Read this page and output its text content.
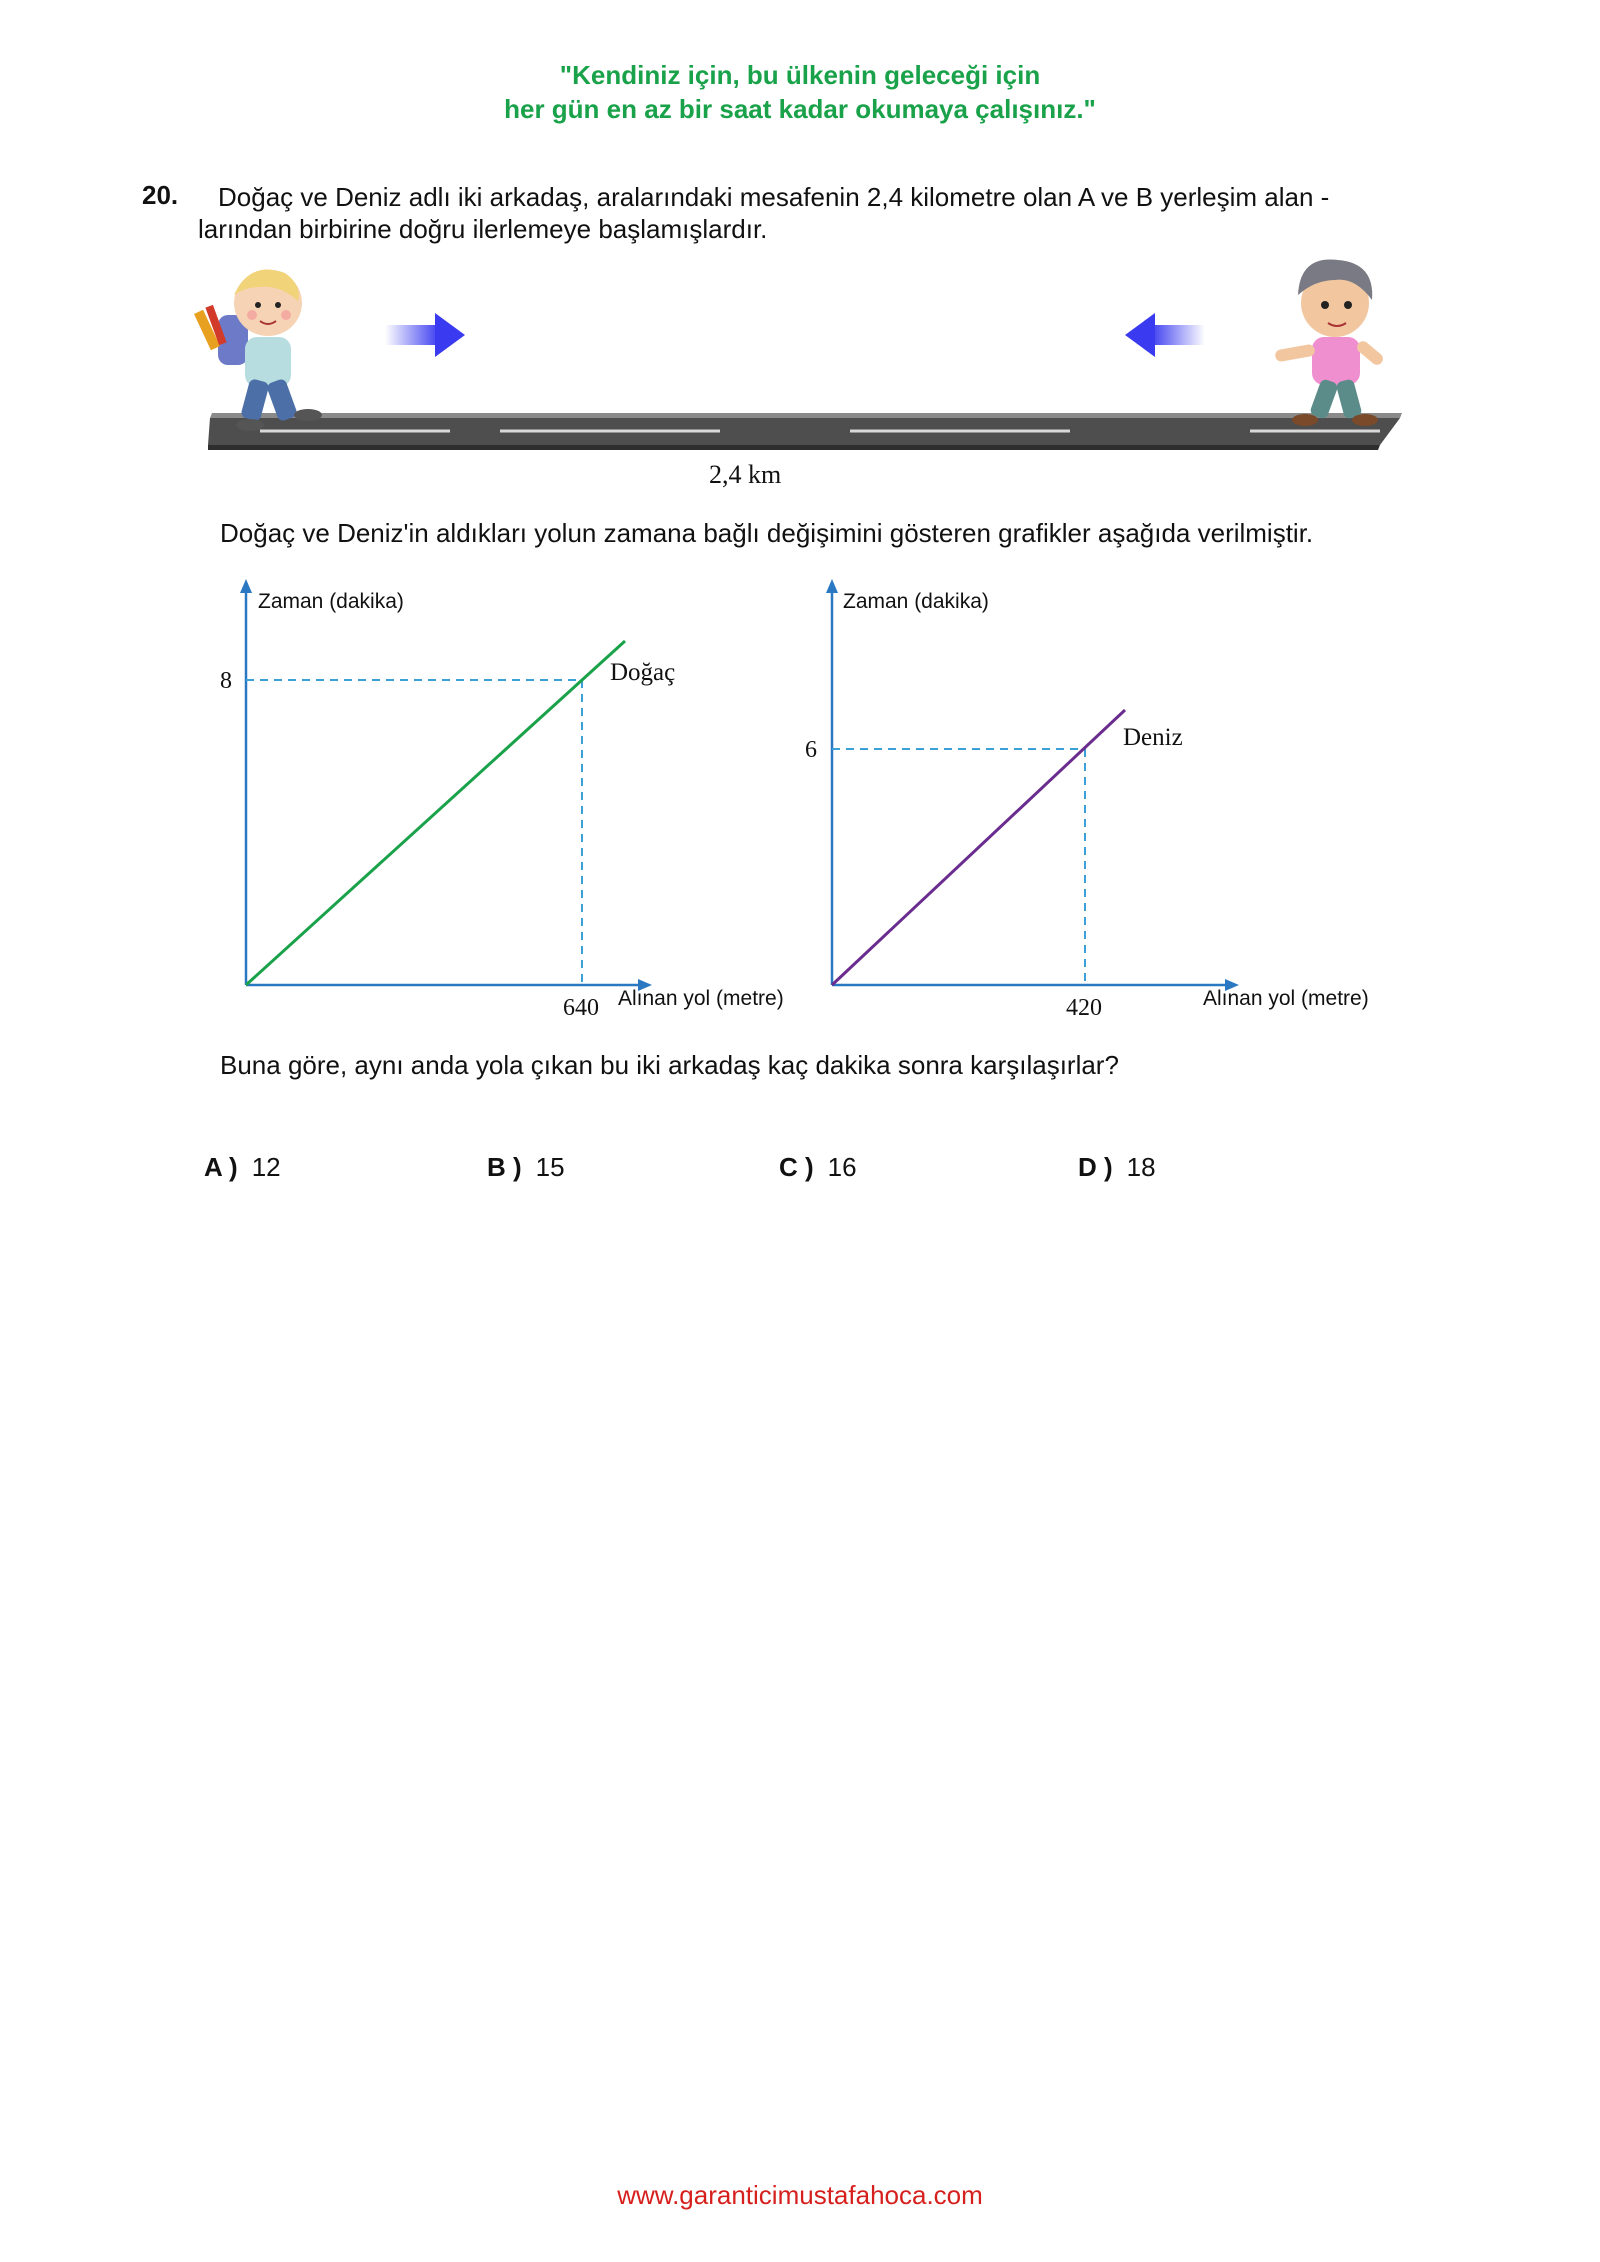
"Kendiniz için, bu ülkenin geleceği için
her gün en az bir saat kadar okumaya çalışınız."
20. Doğaç ve Deniz adlı iki arkadaş, aralarındaki mesafenin 2,4 kilometre olan A ve B yerleşim alan -
larından birbirine doğru ilerlemeye başlamışlardır.
2,4 km
Doğaç ve Deniz'in aldıkları yolun zamana bağlı değişimini gösteren grafikler aşağıda verilmiştir.
Zaman (dakika)
Alınan yol (metre)
8
640
Doğaç
Zaman (dakika)
Alınan yol (metre)
6
420
Deniz
Buna göre, aynı anda yola çıkan bu iki arkadaş kaç dakika sonra karşılaşırlar?
A ) 12	B ) 15	C ) 16	D ) 18
www.garanticimustafahoca.com
